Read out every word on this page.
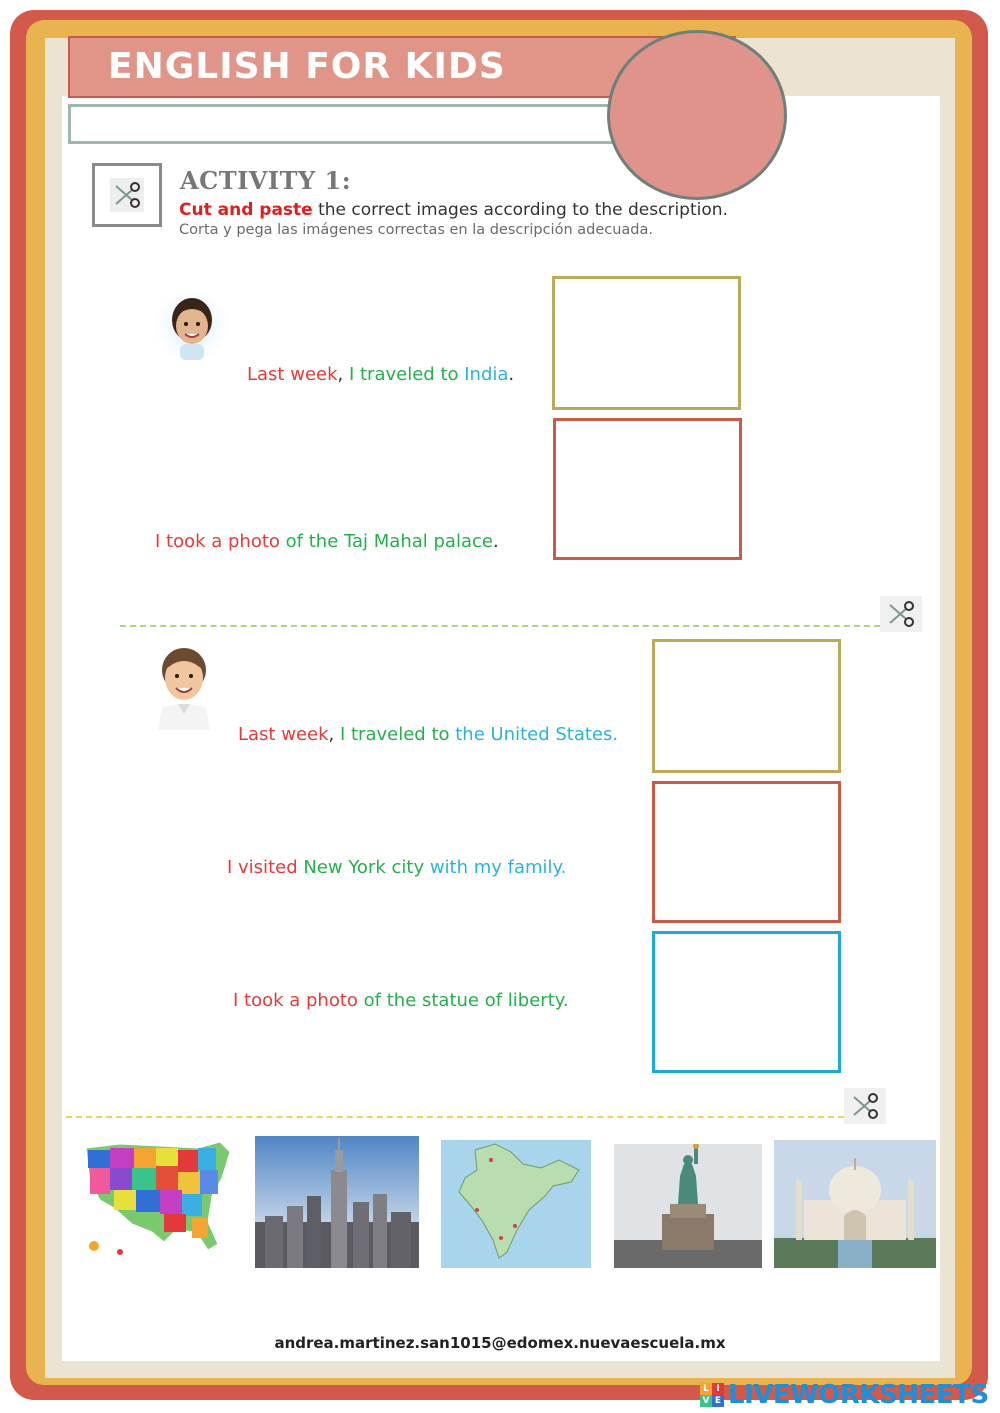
ENGLISH FOR KIDS
ACTIVITY 1:
Cut and paste the correct images according to the description.
Corta y pega las imágenes correctas en la descripción adecuada.
Last week, I traveled to India.
I took a photo of the Taj Mahal palace.
Last week, I traveled to the United States.
I visited New York city with my family.
I took a photo of the statue of liberty.
andrea.martinez.san1015@edomex.nuevaescuela.mx
L I
V E LIVEWORKSHEETS
